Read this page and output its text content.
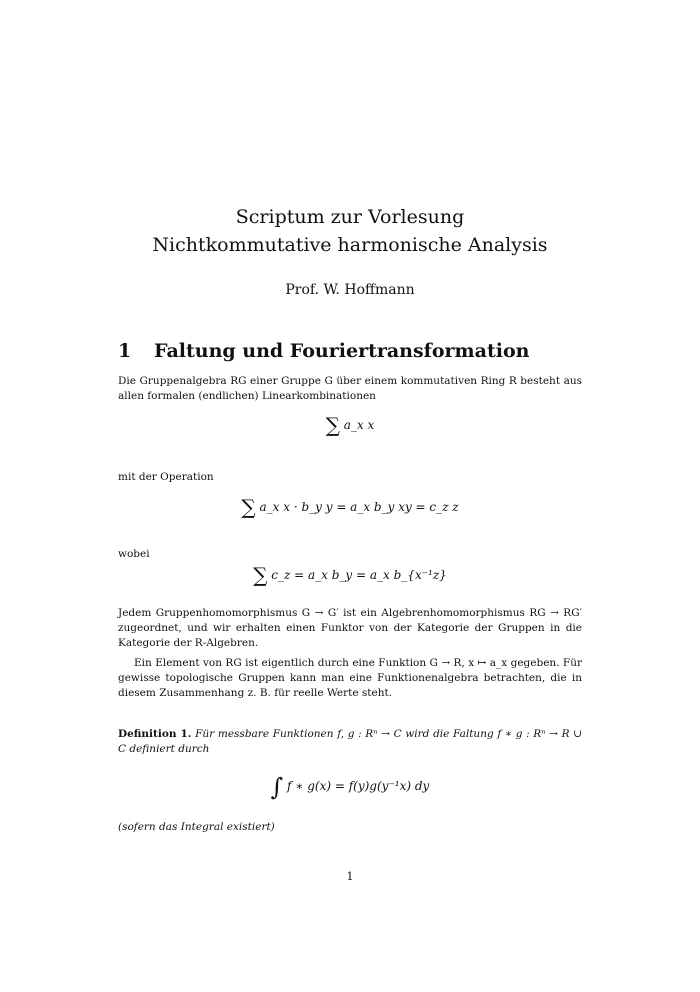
Scriptum zur Vorlesung
Nichtkommutative harmonische Analysis
Prof. W. Hoffmann
1 Faltung und Fouriertransformation
Die Gruppenalgebra RG einer Gruppe G über einem kommutativen Ring R besteht aus allen formalen (endlichen) Linearkombinationen
∑ a_x x
mit der Operation
∑ a_x x · b_y y = a_x b_y xy = c_z z
wobei
∑ c_z = a_x b_y = a_x b_{x⁻¹z}
Jedem Gruppenhomomorphismus G → G′ ist ein Algebrenhomomorphismus RG → RG′ zugeordnet, und wir erhalten einen Funktor von der Kategorie der Gruppen in die Kategorie der R-Algebren.
Ein Element von RG ist eigentlich durch eine Funktion G → R, x ↦ a_x gegeben. Für gewisse topologische Gruppen kann man eine Funktionenalgebra betrachten, die in diesem Zusammenhang z. B. für reelle Werte steht.
Definition 1. Für messbare Funktionen f, g : Rⁿ → C wird die Faltung f ∗ g : Rⁿ → R ∪ C definiert durch
∫ f ∗ g(x) = f(y)g(y⁻¹x) dy
(sofern das Integral existiert)
1
